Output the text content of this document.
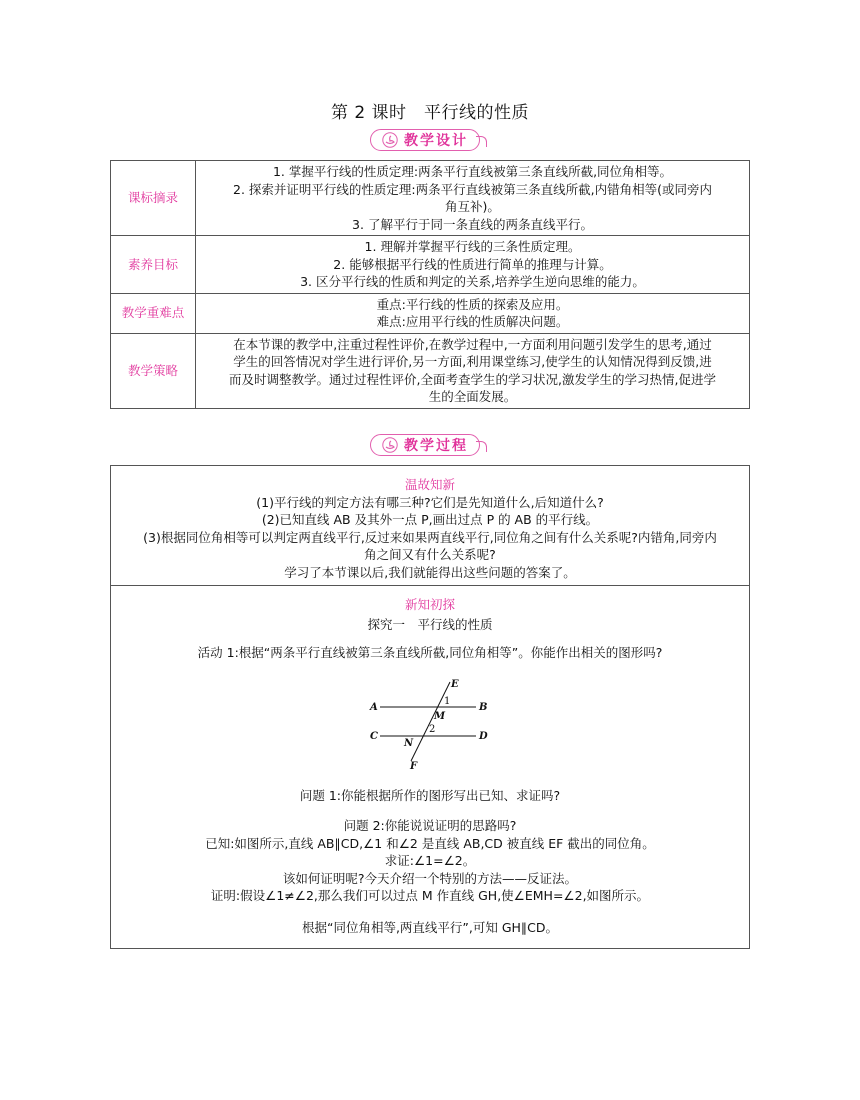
第 2 课时　平行线的性质
教学设计
课标摘录	1. 掌握平行线的性质定理:两条平行直线被第三条直线所截,同位角相等。
2. 探索并证明平行线的性质定理:两条平行直线被第三条直线所截,内错角相等(或同旁内
角互补)。
3. 了解平行于同一条直线的两条直线平行。

素养目标	1. 理解并掌握平行线的三条性质定理。
2. 能够根据平行线的性质进行简单的推理与计算。
3. 区分平行线的性质和判定的关系,培养学生逆向思维的能力。

教学重难点	重点:平行线的性质的探索及应用。
难点:应用平行线的性质解决问题。

教学策略	在本节课的教学中,注重过程性评价,在教学过程中,一方面利用问题引发学生的思考,通过
学生的回答情况对学生进行评价,另一方面,利用课堂练习,使学生的认知情况得到反馈,进
而及时调整教学。通过过程性评价,全面考查学生的学习状况,激发学生的学习热情,促进学
生的全面发展。
教学过程
温故知新
(1)平行线的判定方法有哪三种?它们是先知道什么,后知道什么?
(2)已知直线 AB 及其外一点 P,画出过点 P 的 AB 的平行线。
(3)根据同位角相等可以判定两直线平行,反过来如果两直线平行,同位角之间有什么关系呢?内错角,同旁内
角之间又有什么关系呢?
学习了本节课以后,我们就能得出这些问题的答案了。
新知初探
探究一　平行线的性质
活动 1:根据“两条平行直线被第三条直线所截,同位角相等”。你能作出相关的图形吗?
A	B
C	D
E
F
M
N
1
2
问题 1:你能根据所作的图形写出已知、求证吗?
问题 2:你能说说证明的思路吗?
已知:如图所示,直线 AB∥CD,∠1 和∠2 是直线 AB,CD 被直线 EF 截出的同位角。
求证:∠1=∠2。
该如何证明呢?今天介绍一个特别的方法——反证法。
证明:假设∠1≠∠2,那么我们可以过点 M 作直线 GH,使∠EMH=∠2,如图所示。
根据“同位角相等,两直线平行”,可知 GH∥CD。
